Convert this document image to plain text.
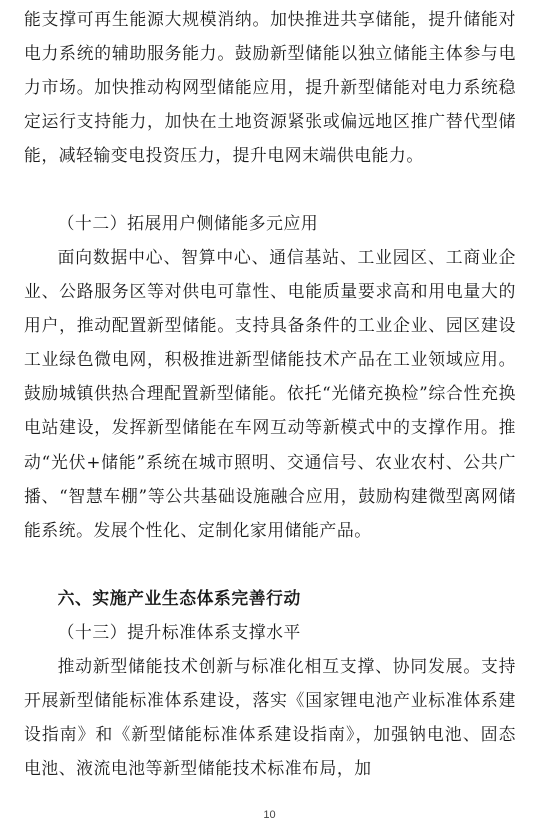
能支撑可再生能源大规模消纳。加快推进共享储能，提升储能对电力系统的辅助服务能力。鼓励新型储能以独立储能主体参与电力市场。加快推动构网型储能应用，提升新型储能对电力系统稳定运行支持能力，加快在土地资源紧张或偏远地区推广替代型储能，减轻输变电投资压力，提升电网末端供电能力。

（十二）拓展用户侧储能多元应用

面向数据中心、智算中心、通信基站、工业园区、工商业企业、公路服务区等对供电可靠性、电能质量要求高和用电量大的用户，推动配置新型储能。支持具备条件的工业企业、园区建设工业绿色微电网，积极推进新型储能技术产品在工业领域应用。鼓励城镇供热合理配置新型储能。依托“光储充换检”综合性充换电站建设，发挥新型储能在车网互动等新模式中的支撑作用。推动“光伏+储能”系统在城市照明、交通信号、农业农村、公共广播、“智慧车棚”等公共基础设施融合应用，鼓励构建微型离网储能系统。发展个性化、定制化家用储能产品。

六、实施产业生态体系完善行动

（十三）提升标准体系支撑水平

推动新型储能技术创新与标准化相互支撑、协同发展。支持开展新型储能标准体系建设，落实《国家锂电池产业标准体系建设指南》和《新型储能标准体系建设指南》，加强钠电池、固态电池、液流电池等新型储能技术标准布局，加

10
